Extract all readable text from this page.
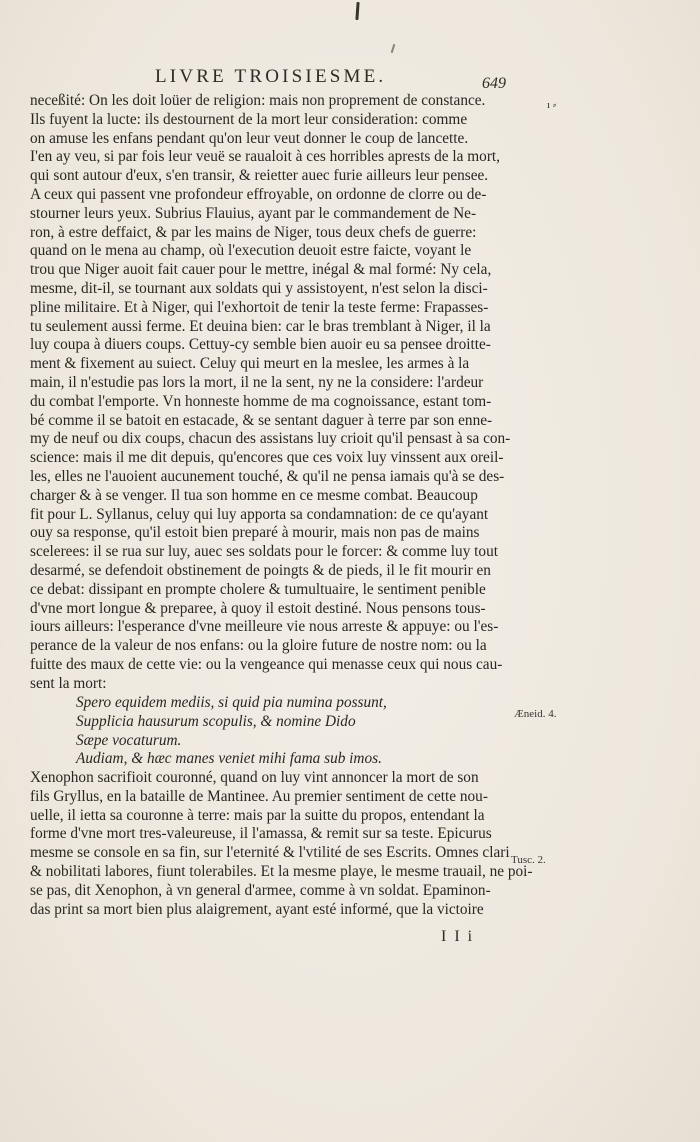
LIVRE TROISIESME.	649
neceßité: On les doit loüer de religion: mais non proprement de constance.
Ils fuyent la lucte: ils destournent de la mort leur consideration: comme
on amuse les enfans pendant qu'on leur veut donner le coup de lancette.
I'en ay veu, si par fois leur veuë se raualoit à ces horribles aprests de la mort,
qui sont autour d'eux, s'en transir, & reietter auec furie ailleurs leur pensee.
A ceux qui passent vne profondeur effroyable, on ordonne de clorre ou de-
stourner leurs yeux. Subrius Flauius, ayant par le commandement de Ne-
ron, à estre deffaict, & par les mains de Niger, tous deux chefs de guerre:
quand on le mena au champ, où l'execution deuoit estre faicte, voyant le
trou que Niger auoit fait cauer pour le mettre, inégal & mal formé: Ny cela,
mesme, dit-il, se tournant aux soldats qui y assistoyent, n'est selon la disci-
pline militaire. Et à Niger, qui l'exhortoit de tenir la teste ferme: Frapasses-
tu seulement aussi ferme. Et deuina bien: car le bras tremblant à Niger, il la
luy coupa à diuers coups. Cettuy-cy semble bien auoir eu sa pensee droitte-
ment & fixement au suiect. Celuy qui meurt en la meslee, les armes à la
main, il n'estudie pas lors la mort, il ne la sent, ny ne la considere: l'ardeur
du combat l'emporte. Vn honneste homme de ma cognoissance, estant tom-
bé comme il se batoit en estacade, & se sentant daguer à terre par son enne-
my de neuf ou dix coups, chacun des assistans luy crioit qu'il pensast à sa con-
science: mais il me dit depuis, qu'encores que ces voix luy vinssent aux oreil-
les, elles ne l'auoient aucunement touché, & qu'il ne pensa iamais qu'à se des-
charger & à se venger. Il tua son homme en ce mesme combat. Beaucoup
fit pour L. Syllanus, celuy qui luy apporta sa condamnation: de ce qu'ayant
ouy sa response, qu'il estoit bien preparé à mourir, mais non pas de mains
scelerees: il se rua sur luy, auec ses soldats pour le forcer: & comme luy tout
desarmé, se defendoit obstinement de poingts & de pieds, il le fit mourir en
ce debat: dissipant en prompte cholere & tumultuaire, le sentiment penible
d'vne mort longue & preparee, à quoy il estoit destiné. Nous pensons tous-
iours ailleurs: l'esperance d'vne meilleure vie nous arreste & appuye: ou l'es-
perance de la valeur de nos enfans: ou la gloire future de nostre nom: ou la
fuitte des maux de cette vie: ou la vengeance qui menasse ceux qui nous cau-
sent la mort:
Spero equidem mediis, si quid pia numina possunt,
Supplicia hausurum scopulis, & nomine Dido
Sæpe vocaturum.
Audiam, & hæc manes veniet mihi fama sub imos.
Xenophon sacrifioit couronné, quand on luy vint annoncer la mort de son
fils Gryllus, en la bataille de Mantinee. Au premier sentiment de cette nou-
uelle, il ietta sa couronne à terre: mais par la suitte du propos, entendant la
forme d'vne mort tres-valeureuse, il l'amassa, & remit sur sa teste. Epicurus
mesme se console en sa fin, sur l'eternité & l'vtilité de ses Escrits. Omnes clari
& nobilitati labores, fiunt tolerabiles. Et la mesme playe, le mesme trauail, ne poi-
se pas, dit Xenophon, à vn general d'armee, comme à vn soldat. Epaminon-
das print sa mort bien plus alaigrement, ayant esté informé, que la victoire
ı ⸗
Æneid. 4.
Tusc. 2.
I I i
